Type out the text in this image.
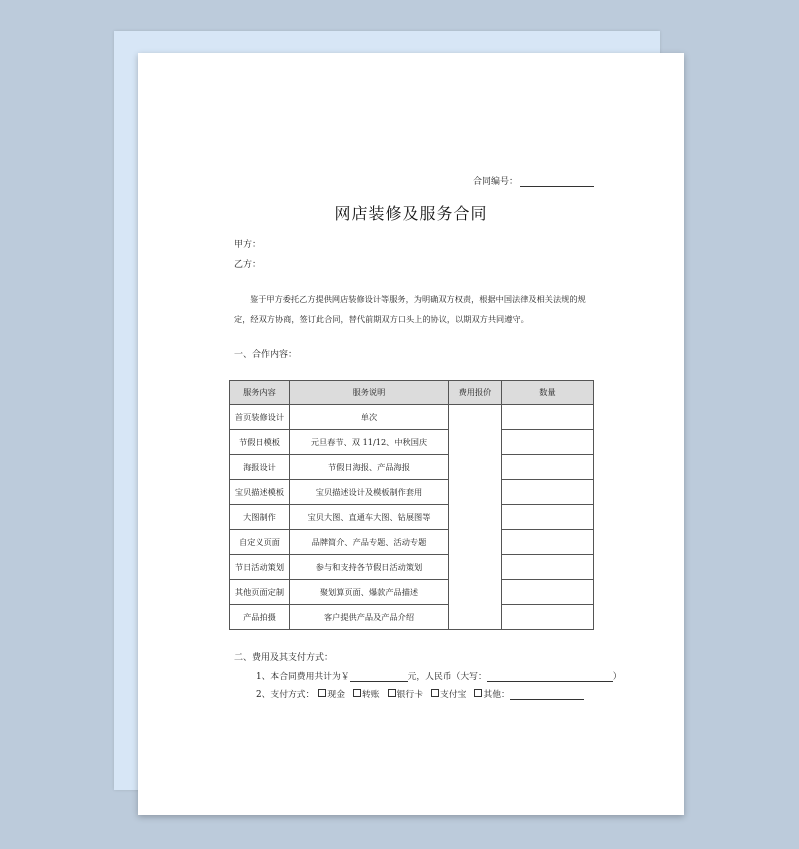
合同编号：
网店装修及服务合同
甲方：
乙方：
鉴于甲方委托乙方提供网店装修设计等服务，为明确双方权责，根据中国法律及相关法规的规
定，经双方协商，签订此合同，替代前期双方口头上的协议，以期双方共同遵守。
一、合作内容：
服务内容	服务说明	费用报价	数量
首页装修设计	单次		
节假日模板	元旦春节、双 11/12、中秋国庆		
海报设计	节假日海报、产品海报		
宝贝描述模板	宝贝描述设计及模板制作套用		
大图制作	宝贝大图、直通车大图、钻展图等		
自定义页面	品牌简介、产品专题、活动专题		
节日活动策划	参与和支持各节假日活动策划		
其他页面定制	聚划算页面、爆款产品描述		
产品拍摄	客户提供产品及产品介绍		
二、费用及其支付方式：
1、本合同费用共计为￥	元，人民币（大写：	）
2、支付方式： 现金 转账 银行卡 支付宝 其他：
